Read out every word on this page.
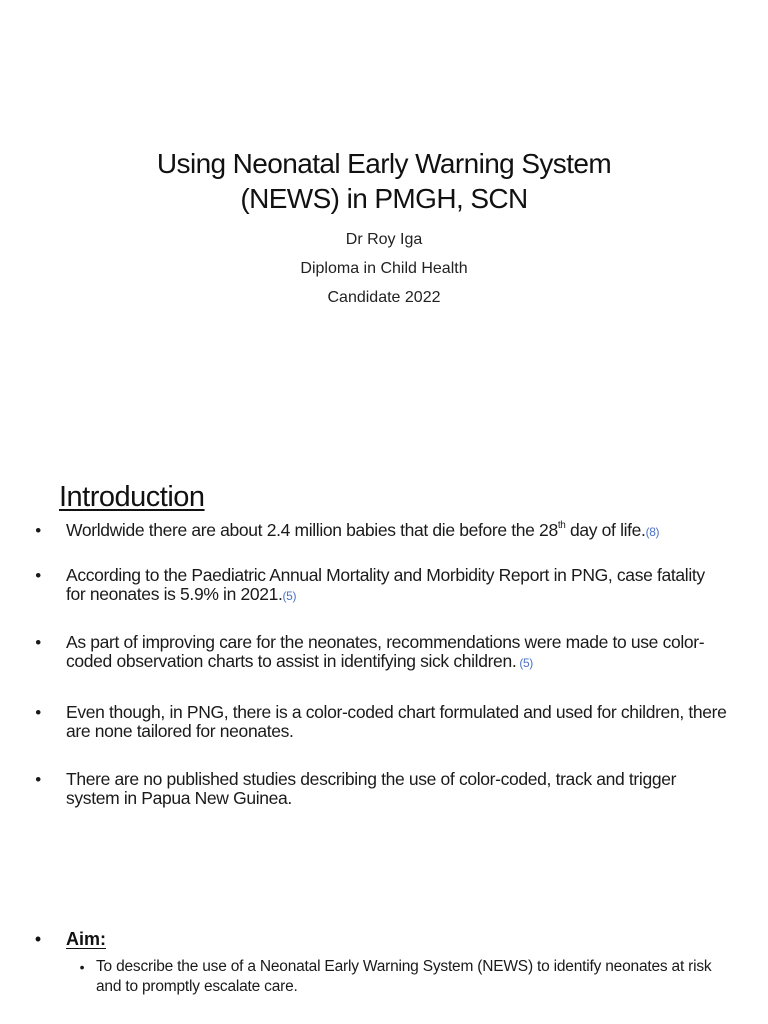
Using Neonatal Early Warning System
(NEWS) in PMGH, SCN
Dr Roy Iga
Diploma in Child Health
Candidate 2022
Introduction
•	Worldwide there are about 2.4 million babies that die before the 28th day of life.(8)
•	According to the Paediatric Annual Mortality and Morbidity Report in PNG, case fatality for neonates is 5.9% in 2021.(5)
•	As part of improving care for the neonates, recommendations were made to use color-coded observation charts to assist in identifying sick children. (5)
•	Even though, in PNG, there is a color-coded chart formulated and used for children, there are none tailored for neonates.
•	There are no published studies describing the use of color-coded, track and trigger system in Papua New Guinea.
•	Aim:
• To describe the use of a Neonatal Early Warning System (NEWS) to identify neonates at risk and to promptly escalate care.
